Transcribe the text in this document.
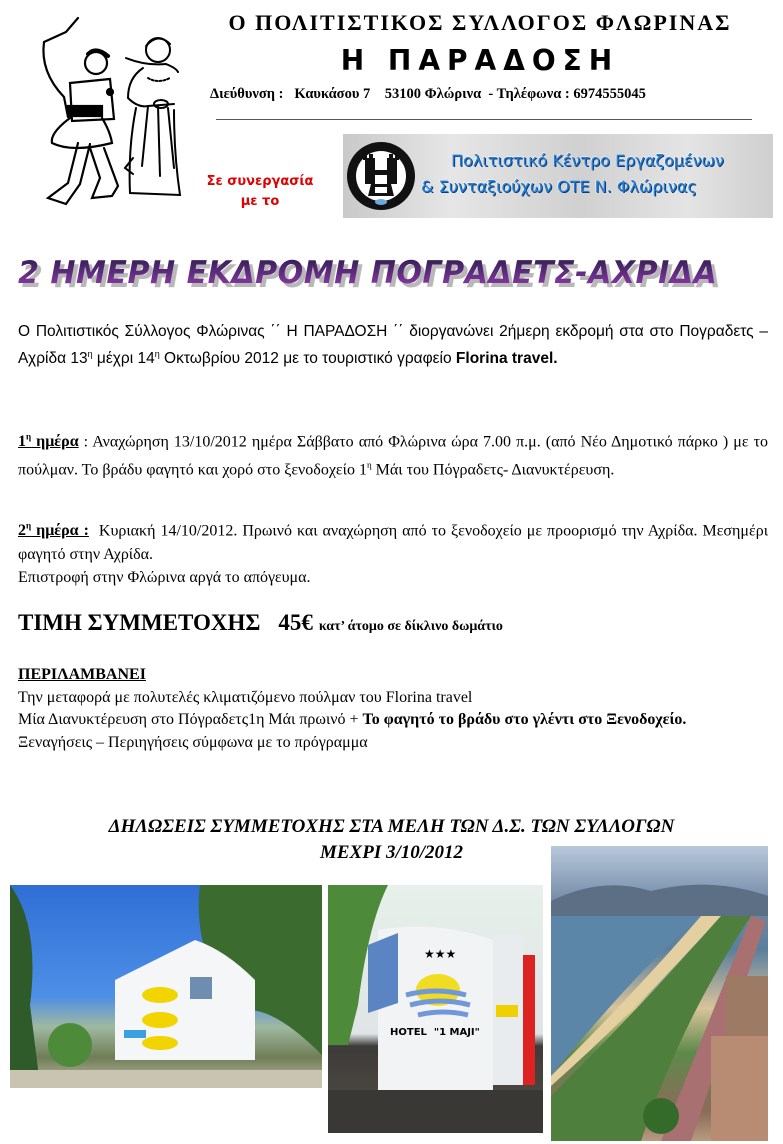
Ο ΠΟΛΙΤΙΣΤΙΚΟΣ ΣΥΛΛΟΓΟΣ ΦΛΩΡΙΝΑΣ
Η ΠΑΡΑΔΟΣΗ
Διεύθυνση :   Καυκάσου 7    53100 Φλώρινα  - Τηλέφωνα : 6974555045
Σε συνεργασία
με το
Πολιτιστικό Κέντρο Εργαζομένων
& Συνταξιούχων ΟΤΕ Ν. Φλώρινας
2 ΗΜΕΡΗ ΕΚΔΡΟΜΗ ΠΟΓΡΑΔΕΤΣ-ΑΧΡΙΔΑ
Ο Πολιτιστικός Σύλλογος Φλώρινας ΄΄ Η ΠΑΡΑΔΟΣΗ ΄΄ διοργανώνει 2ήμερη εκδρομή στα στο Πογραδετς – Αχρίδα $13^\eta$ μέχρι $14^\eta$ Οκτωβρίου 2012 με το τουριστικό γραφείο Florina travel.
$1^\eta$ ημέρα : Αναχώρηση 13/10/2012 ημέρα Σάββατο από Φλώρινα ώρα 7.00 π.μ. (από Νέο Δημοτικό πάρκο ) με το πούλμαν. Το βράδυ φαγητό και χορό στο ξενοδοχείο $1^\eta$ Μάι του Πόγραδετς- Διανυκτέρευση.
$2^\eta$ ημέρα : Κυριακή 14/10/2012. Πρωινό και αναχώρηση από το ξενοδοχείο με προορισμό την Αχρίδα. Μεσημέρι φαγητό στην Αχρίδα.
Επιστροφή στην Φλώρινα αργά το απόγευμα.
ΤΙΜΗ ΣΥΜΜΕΤΟΧΗΣ 45€ κατ’ άτομο σε δίκλινο δωμάτιο
ΠΕΡΙΛΑΜΒΑΝΕΙ
Την μεταφορά με πολυτελές κλιματιζόμενο πούλμαν του Florina travel
Μία Διανυκτέρευση στο Πόγραδετς1η Μάι πρωινό + Το φαγητό το βράδυ στο γλέντι στο Ξενοδοχείο.
Ξεναγήσεις – Περιηγήσεις σύμφωνα με το πρόγραμμα
ΔΗΛΩΣΕΙΣ ΣΥΜΜΕΤΟΧΗΣ ΣΤΑ ΜΕΛΗ ΤΩΝ Δ.Σ. ΤΩΝ ΣΥΛΛΟΓΩΝ
ΜΕΧΡΙ 3/10/2012
★★★
HOTEL  "1 MAJI"
